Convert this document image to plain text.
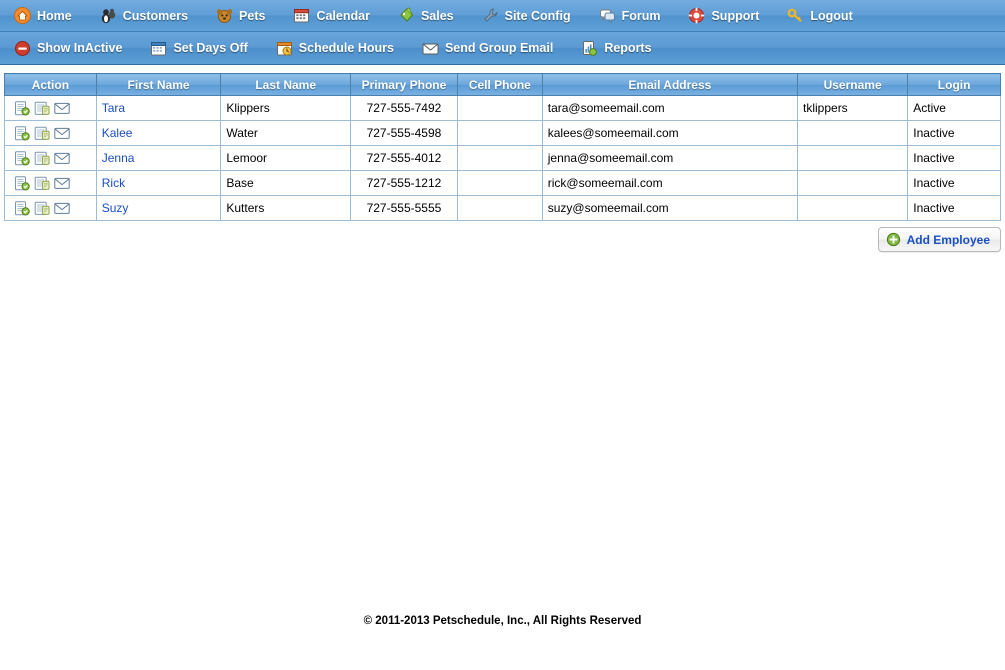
Home	Customers	Pets	Calendar	Sales	Site Config	Forum	Support	Logout
Show InActive	Set Days Off	Schedule Hours	Send Group Email	Reports
Action	First Name	Last Name	Primary Phone	Cell Phone	Email Address	Username	Login

	Tara	Klippers	727-555-7492		tara@someemail.com	tklippers	Active

	Kalee	Water	727-555-4598		kalees@someemail.com		Inactive

	Jenna	Lemoor	727-555-4012		jenna@someemail.com		Inactive

	Rick	Base	727-555-1212		rick@someemail.com		Inactive

	Suzy	Kutters	727-555-5555		suzy@someemail.com		Inactive
Add Employee
© 2011-2013 Petschedule, Inc., All Rights Reserved
